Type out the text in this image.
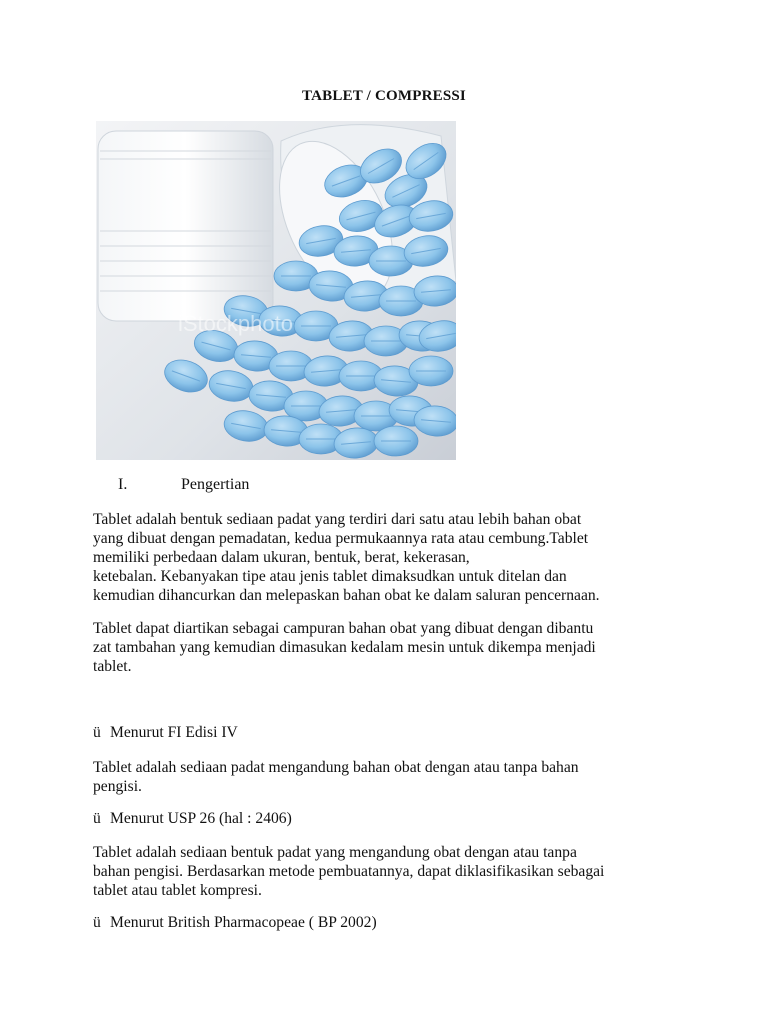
TABLET / COMPRESSI
iStockphoto
I.	Pengertian

Tablet adalah bentuk sediaan padat yang terdiri dari satu atau lebih bahan obat
yang dibuat dengan pemadatan, kedua permukaannya rata atau cembung.Tablet
memiliki perbedaan dalam ukuran, bentuk, berat, kekerasan,
ketebalan. Kebanyakan tipe atau jenis tablet dimaksudkan untuk ditelan dan
kemudian dihancurkan dan melepaskan bahan obat ke dalam saluran pencernaan.

Tablet dapat diartikan sebagai campuran bahan obat yang dibuat dengan dibantu
zat tambahan yang kemudian dimasukan kedalam mesin untuk dikempa menjadi
tablet.

ü Menurut FI Edisi IV

Tablet adalah sediaan padat mengandung bahan obat dengan atau tanpa bahan
pengisi.

ü Menurut USP 26 (hal : 2406)

Tablet adalah sediaan bentuk padat yang mengandung obat dengan atau tanpa
bahan pengisi. Berdasarkan metode pembuatannya, dapat diklasifikasikan sebagai
tablet atau tablet kompresi.

ü Menurut British Pharmacopeae ( BP 2002)
